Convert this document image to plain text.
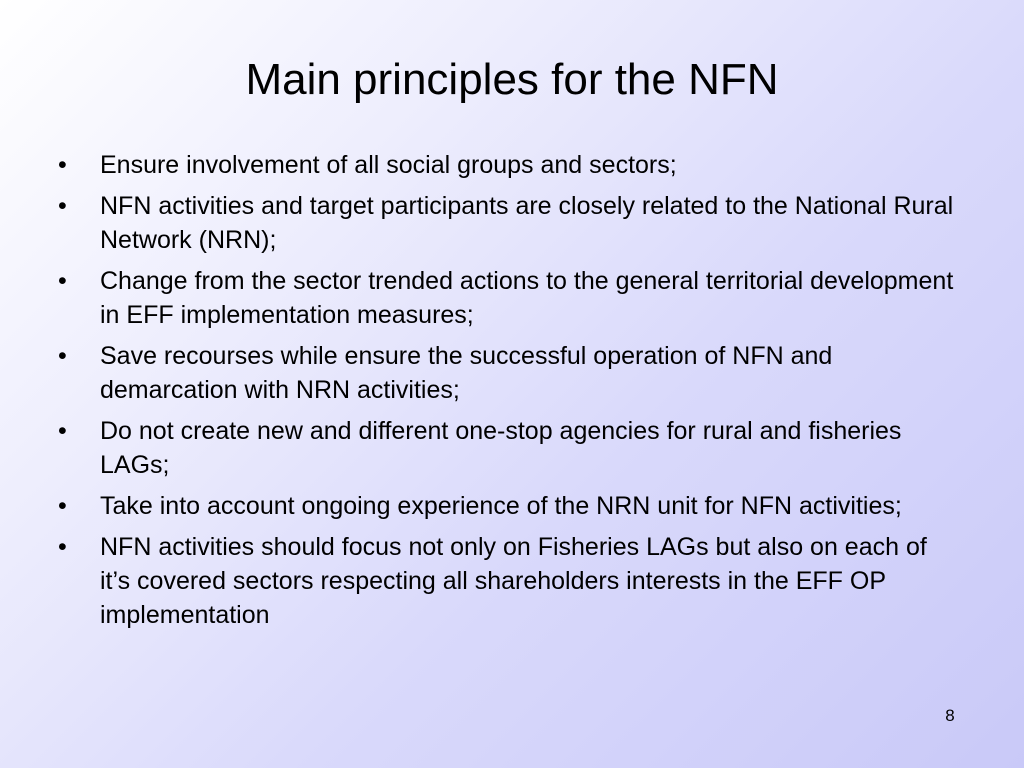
Main principles for the NFN
•	Ensure involvement of all social groups and sectors;
•	NFN activities and target participants are closely related to the National Rural Network (NRN);
•	Change from the sector trended actions to the general territorial development in EFF implementation measures;
•	Save recourses while ensure the successful operation of NFN and demarcation with NRN activities;
•	Do not create new and different one-stop agencies for rural and fisheries LAGs;
•	Take into account ongoing experience of the NRN unit for NFN activities;
•	NFN activities should focus not only on Fisheries LAGs but also on each of it’s covered sectors respecting all shareholders interests in the EFF OP implementation
8
